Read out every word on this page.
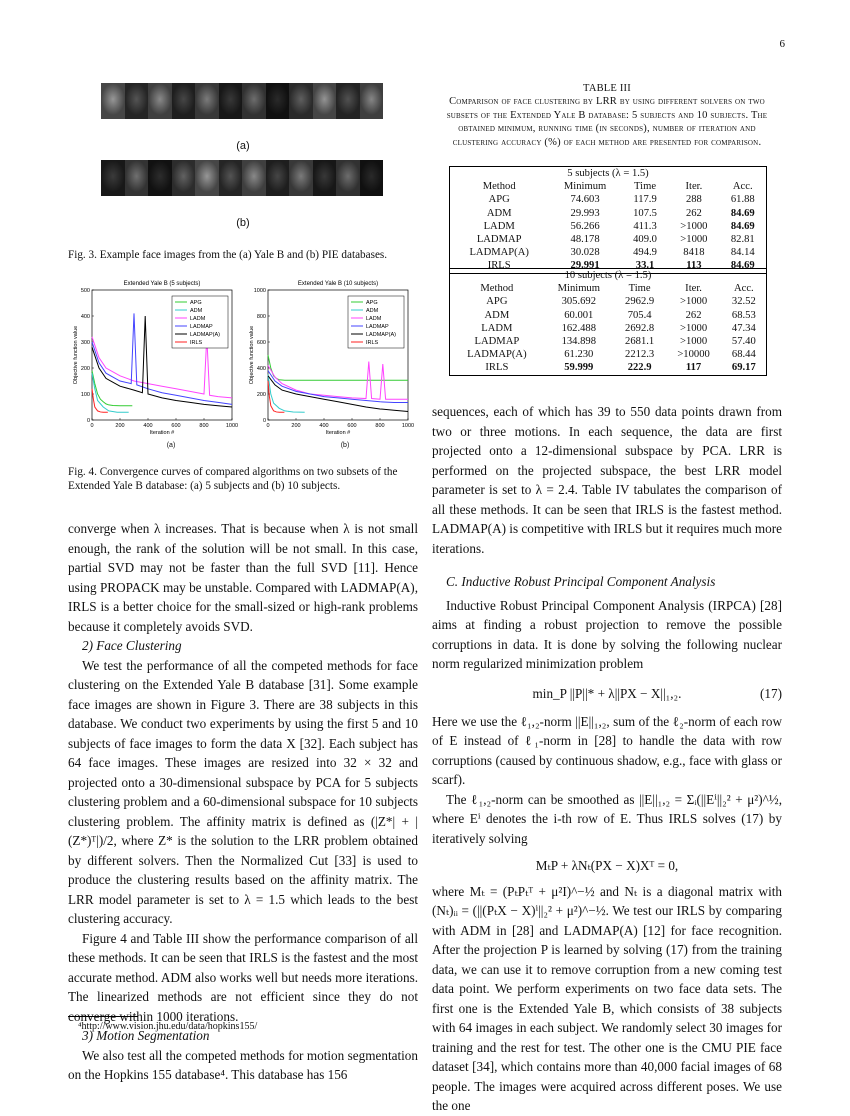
6
(a)
(b)
Fig. 3. Example face images from the (a) Yale B and (b) PIE databases.
Extended Yale B (5 subjects)
0	200	400	600	800	1000
0
100
200
300
400
500
Iteration #
Objective function value
APG
ADM
LADM
LADMAP
LADMAP(A)
IRLS
Extended Yale B (10 subjects)
0	200	400	600	800	1000
0
200
400
600
800
1000
Iteration #
Objective function value
APG
ADM
LADM
LADMAP
LADMAP(A)
IRLS
(a)	(b)
Fig. 4. Convergence curves of compared algorithms on two subsets of the Extended Yale B database: (a) 5 subjects and (b) 10 subjects.

converge when λ increases. That is because when λ is not small enough, the rank of the solution will be not small. In this case, partial SVD may not be faster than the full SVD [11]. Hence using PROPACK may be unstable. Compared with LADMAP(A), IRLS is a better choice for the small-sized or high-rank problems because it completely avoids SVD.

2) Face Clustering

We test the performance of all the competed methods for face clustering on the Extended Yale B database [31]. Some example face images are shown in Figure 3. There are 38 subjects in this database. We conduct two experiments by using the first 5 and 10 subjects of face images to form the data X [32]. Each subject has 64 face images. These images are resized into 32 × 32 and projected onto a 30-dimensional subspace by PCA for 5 subjects clustering problem and a 60-dimensional subspace for 10 subjects clustering problem. The affinity matrix is defined as (|Z*| + |(Z*)ᵀ|)/2, where Z* is the solution to the LRR problem obtained by different solvers. Then the Normalized Cut [33] is used to produce the clustering results based on the affinity matrix. The LRR model parameter is set to λ = 1.5 which leads to the best clustering accuracy.

Figure 4 and Table III show the performance comparison of all these methods. It can be seen that IRLS is the fastest and the most accurate method. ADM also works well but needs more iterations. The linearized methods are not efficient since they do not converge within 1000 iterations.

3) Motion Segmentation

We also test all the competed methods for motion segmentation on the Hopkins 155 database⁴. This database has 156

⁴http://www.vision.jhu.edu/data/hopkins155/
TABLE III
Comparison of face clustering by LRR by using different solvers on two subsets of the Extended Yale B database: 5 subjects and 10 subjects. The obtained minimum, running time (in seconds), number of iteration and clustering accuracy (%) of each method are presented for comparison.
5 subjects (λ = 1.5)				
Method	Minimum	Time	Iter.	Acc.
APG	74.603	117.9	288	61.88
ADM	29.993	107.5	262	84.69
LADM	56.266	411.3	>1000	84.69
LADMAP	48.178	409.0	>1000	82.81
LADMAP(A)	30.028	494.9	8418	84.14
IRLS	29.991	33.1	113	84.69
10 subjects (λ = 1.5)				
Method	Minimum	Time	Iter.	Acc.
APG	305.692	2962.9	>1000	32.52
ADM	60.001	705.4	262	68.53
LADM	162.488	2692.8	>1000	47.34
LADMAP	134.898	2681.1	>1000	57.40
LADMAP(A)	61.230	2212.3	>10000	68.44
IRLS	59.999	222.9	117	69.17

sequences, each of which has 39 to 550 data points drawn from two or three motions. In each sequence, the data are first projected onto a 12-dimensional subspace by PCA. LRR is performed on the projected subspace, the best LRR model parameter is set to λ = 2.4. Table IV tabulates the comparison of all these methods. It can be seen that IRLS is the fastest method. LADMAP(A) is competitive with IRLS but it requires much more iterations.

C. Inductive Robust Principal Component Analysis

Inductive Robust Principal Component Analysis (IRPCA) [28] aims at finding a robust projection to remove the possible corruptions in data. It is done by solving the following nuclear norm regularized minimization problem

min_P ||P||* + λ||PX − X||₁,₂.	(17)

Here we use the ℓ₁,₂-norm ||E||₁,₂, sum of the ℓ₂-norm of each row of E instead of ℓ₁-norm in [28] to handle the data with row corruptions (caused by continuous shadow, e.g., face with glass or scarf).

The ℓ₁,₂-norm can be smoothed as ||E||₁,₂ = Σᵢ(||Eⁱ||₂² + μ²)^½, where Eⁱ denotes the i-th row of E. Thus IRLS solves (17) by iteratively solving

MₜP + λNₜ(PX − X)Xᵀ = 0,

where Mₜ = (PₜPₜᵀ + μ²I)^−½ and Nₜ is a diagonal matrix with (Nₜ)ᵢᵢ = (||(PₜX − X)ⁱ||₂² + μ²)^−½. We test our IRLS by comparing with ADM in [28] and LADMAP(A) [12] for face recognition. After the projection P is learned by solving (17) from the training data, we can use it to remove corruption from a new coming test data point. We perform experiments on two face data sets. The first one is the Extended Yale B, which consists of 38 subjects with 64 images in each subject. We randomly select 30 images for training and the rest for test. The other one is the CMU PIE face dataset [34], which contains more than 40,000 facial images of 68 people. The images were acquired across different poses. We use the one
